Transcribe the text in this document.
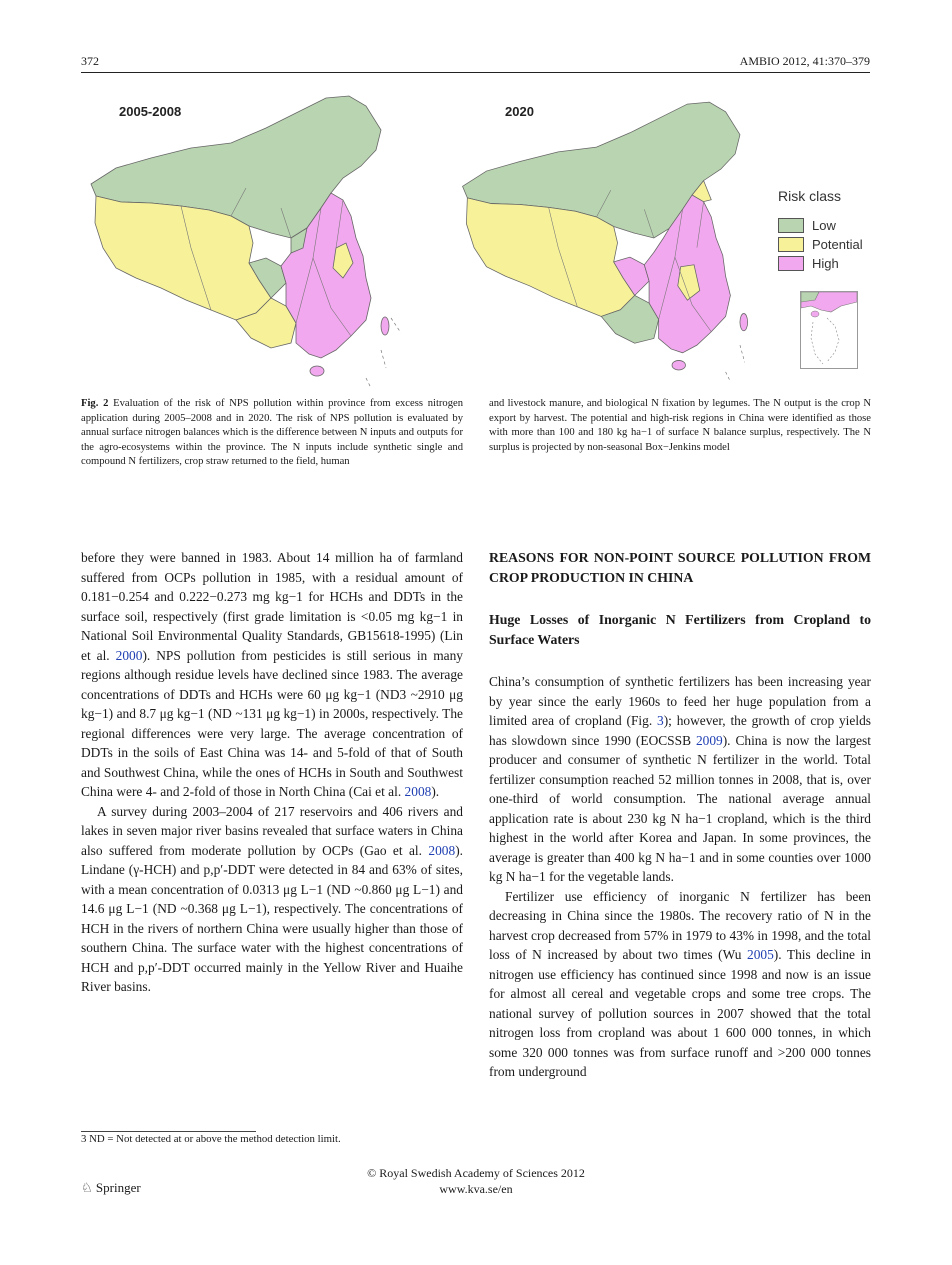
372	AMBIO 2012, 41:370–379
2005-2008	2020
Risk class
Low
Potential
High
Fig. 2 Evaluation of the risk of NPS pollution within province from excess nitrogen application during 2005–2008 and in 2020. The risk of NPS pollution is evaluated by annual surface nitrogen balances which is the difference between N inputs and outputs for the agro-ecosystems within the province. The N inputs include synthetic single and compound N fertilizers, crop straw returned to the field, human
and livestock manure, and biological N fixation by legumes. The N output is the crop N export by harvest. The potential and high-risk regions in China were identified as those with more than 100 and 180 kg ha−1 of surface N balance surplus, respectively. The N surplus is projected by non-seasonal Box−Jenkins model

before they were banned in 1983. About 14 million ha of farmland suffered from OCPs pollution in 1985, with a residual amount of 0.181−0.254 and 0.222−0.273 mg kg−1 for HCHs and DDTs in the surface soil, respectively (first grade limitation is <0.05 mg kg−1 in National Soil Environmental Quality Standards, GB15618-1995) (Lin et al. 2000). NPS pollution from pesticides is still serious in many regions although residue levels have declined since 1983. The average concentrations of DDTs and HCHs were 60 μg kg−1 (ND3 ~2910 μg kg−1) and 8.7 μg kg−1 (ND ~131 μg kg−1) in 2000s, respectively. The regional differences were very large. The average concentration of DDTs in the soils of East China was 14- and 5-fold of that of South and Southwest China, while the ones of HCHs in South and Southwest China were 4- and 2-fold of those in North China (Cai et al. 2008).

A survey during 2003–2004 of 217 reservoirs and 406 rivers and lakes in seven major river basins revealed that surface waters in China also suffered from moderate pollution by OCPs (Gao et al. 2008). Lindane (γ-HCH) and p,p′-DDT were detected in 84 and 63% of sites, with a mean concentration of 0.0313 μg L−1 (ND ~0.860 μg L−1) and 14.6 μg L−1 (ND ~0.368 μg L−1), respectively. The concentrations of HCH in the rivers of northern China were usually higher than those of southern China. The surface water with the highest concentrations of HCH and p,p′-DDT occurred mainly in the Yellow River and Huaihe River basins.

REASONS FOR NON-POINT SOURCE POLLUTION FROM CROP PRODUCTION IN CHINA
Huge Losses of Inorganic N Fertilizers from Cropland to Surface Waters

China’s consumption of synthetic fertilizers has been increasing year by year since the early 1960s to feed her huge population from a limited area of cropland (Fig. 3); however, the growth of crop yields has slowdown since 1990 (EOCSSB 2009). China is now the largest producer and consumer of synthetic N fertilizer in the world. Total fertilizer consumption reached 52 million tonnes in 2008, that is, over one-third of world consumption. The national average annual application rate is about 230 kg N ha−1 cropland, which is the third highest in the world after Korea and Japan. In some provinces, the average is greater than 400 kg N ha−1 and in some counties over 1000 kg N ha−1 for the vegetable lands.

Fertilizer use efficiency of inorganic N fertilizer has been decreasing in China since the 1980s. The recovery ratio of N in the harvest crop decreased from 57% in 1979 to 43% in 1998, and the total loss of N increased by about two times (Wu 2005). This decline in nitrogen use efficiency has continued since 1998 and now is an issue for almost all cereal and vegetable crops and some tree crops. The national survey of pollution sources in 2007 showed that the total nitrogen loss from cropland was about 1 600 000 tonnes, in which some 320 000 tonnes was from surface runoff and >200 000 tonnes from underground

3 ND = Not detected at or above the method detection limit.
© Royal Swedish Academy of Sciences 2012
www.kva.se/en
♘ Springer
